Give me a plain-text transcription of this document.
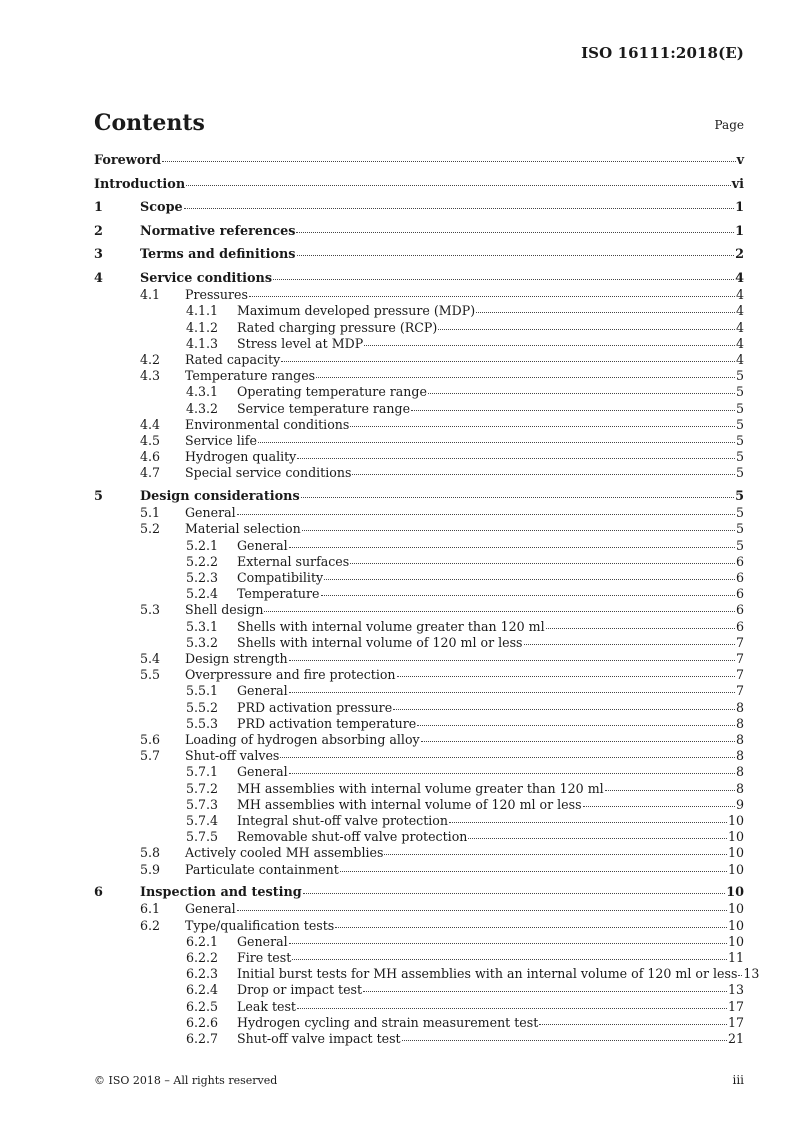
ISO 16111:2018(E)
Contents	Page
Foreword	v
Introduction	vi
1	Scope	1
2	Normative references	1
3	Terms and definitions	2
4	Service conditions	4
4.1 Pressures	4
4.1.1 Maximum developed pressure (MDP)	4
4.1.2 Rated charging pressure (RCP)	4
4.1.3 Stress level at MDP	4
4.2 Rated capacity	4
4.3 Temperature ranges	5
4.3.1 Operating temperature range	5
4.3.2 Service temperature range	5
4.4 Environmental conditions	5
4.5 Service life	5
4.6 Hydrogen quality	5
4.7 Special service conditions	5
5	Design considerations	5
5.1 General	5
5.2 Material selection	5
5.2.1 General	5
5.2.2 External surfaces	6
5.2.3 Compatibility	6
5.2.4 Temperature	6
5.3 Shell design	6
5.3.1 Shells with internal volume greater than 120 ml	6
5.3.2 Shells with internal volume of 120 ml or less	7
5.4 Design strength	7
5.5 Overpressure and fire protection	7
5.5.1 General	7
5.5.2 PRD activation pressure	8
5.5.3 PRD activation temperature	8
5.6 Loading of hydrogen absorbing alloy	8
5.7 Shut-off valves	8
5.7.1 General	8
5.7.2 MH assemblies with internal volume greater than 120 ml	8
5.7.3 MH assemblies with internal volume of 120 ml or less	9
5.7.4 Integral shut-off valve protection	10
5.7.5 Removable shut-off valve protection	10
5.8 Actively cooled MH assemblies	10
5.9 Particulate containment	10
6	Inspection and testing	10
6.1 General	10
6.2 Type/qualification tests	10
6.2.1 General	10
6.2.2 Fire test	11
6.2.3 Initial burst tests for MH assemblies with an internal volume of 120 ml or less 13
6.2.4 Drop or impact test	13
6.2.5 Leak test	17
6.2.6 Hydrogen cycling and strain measurement test	17
6.2.7 Shut-off valve impact test	21
© ISO 2018 – All rights reserved	iii
